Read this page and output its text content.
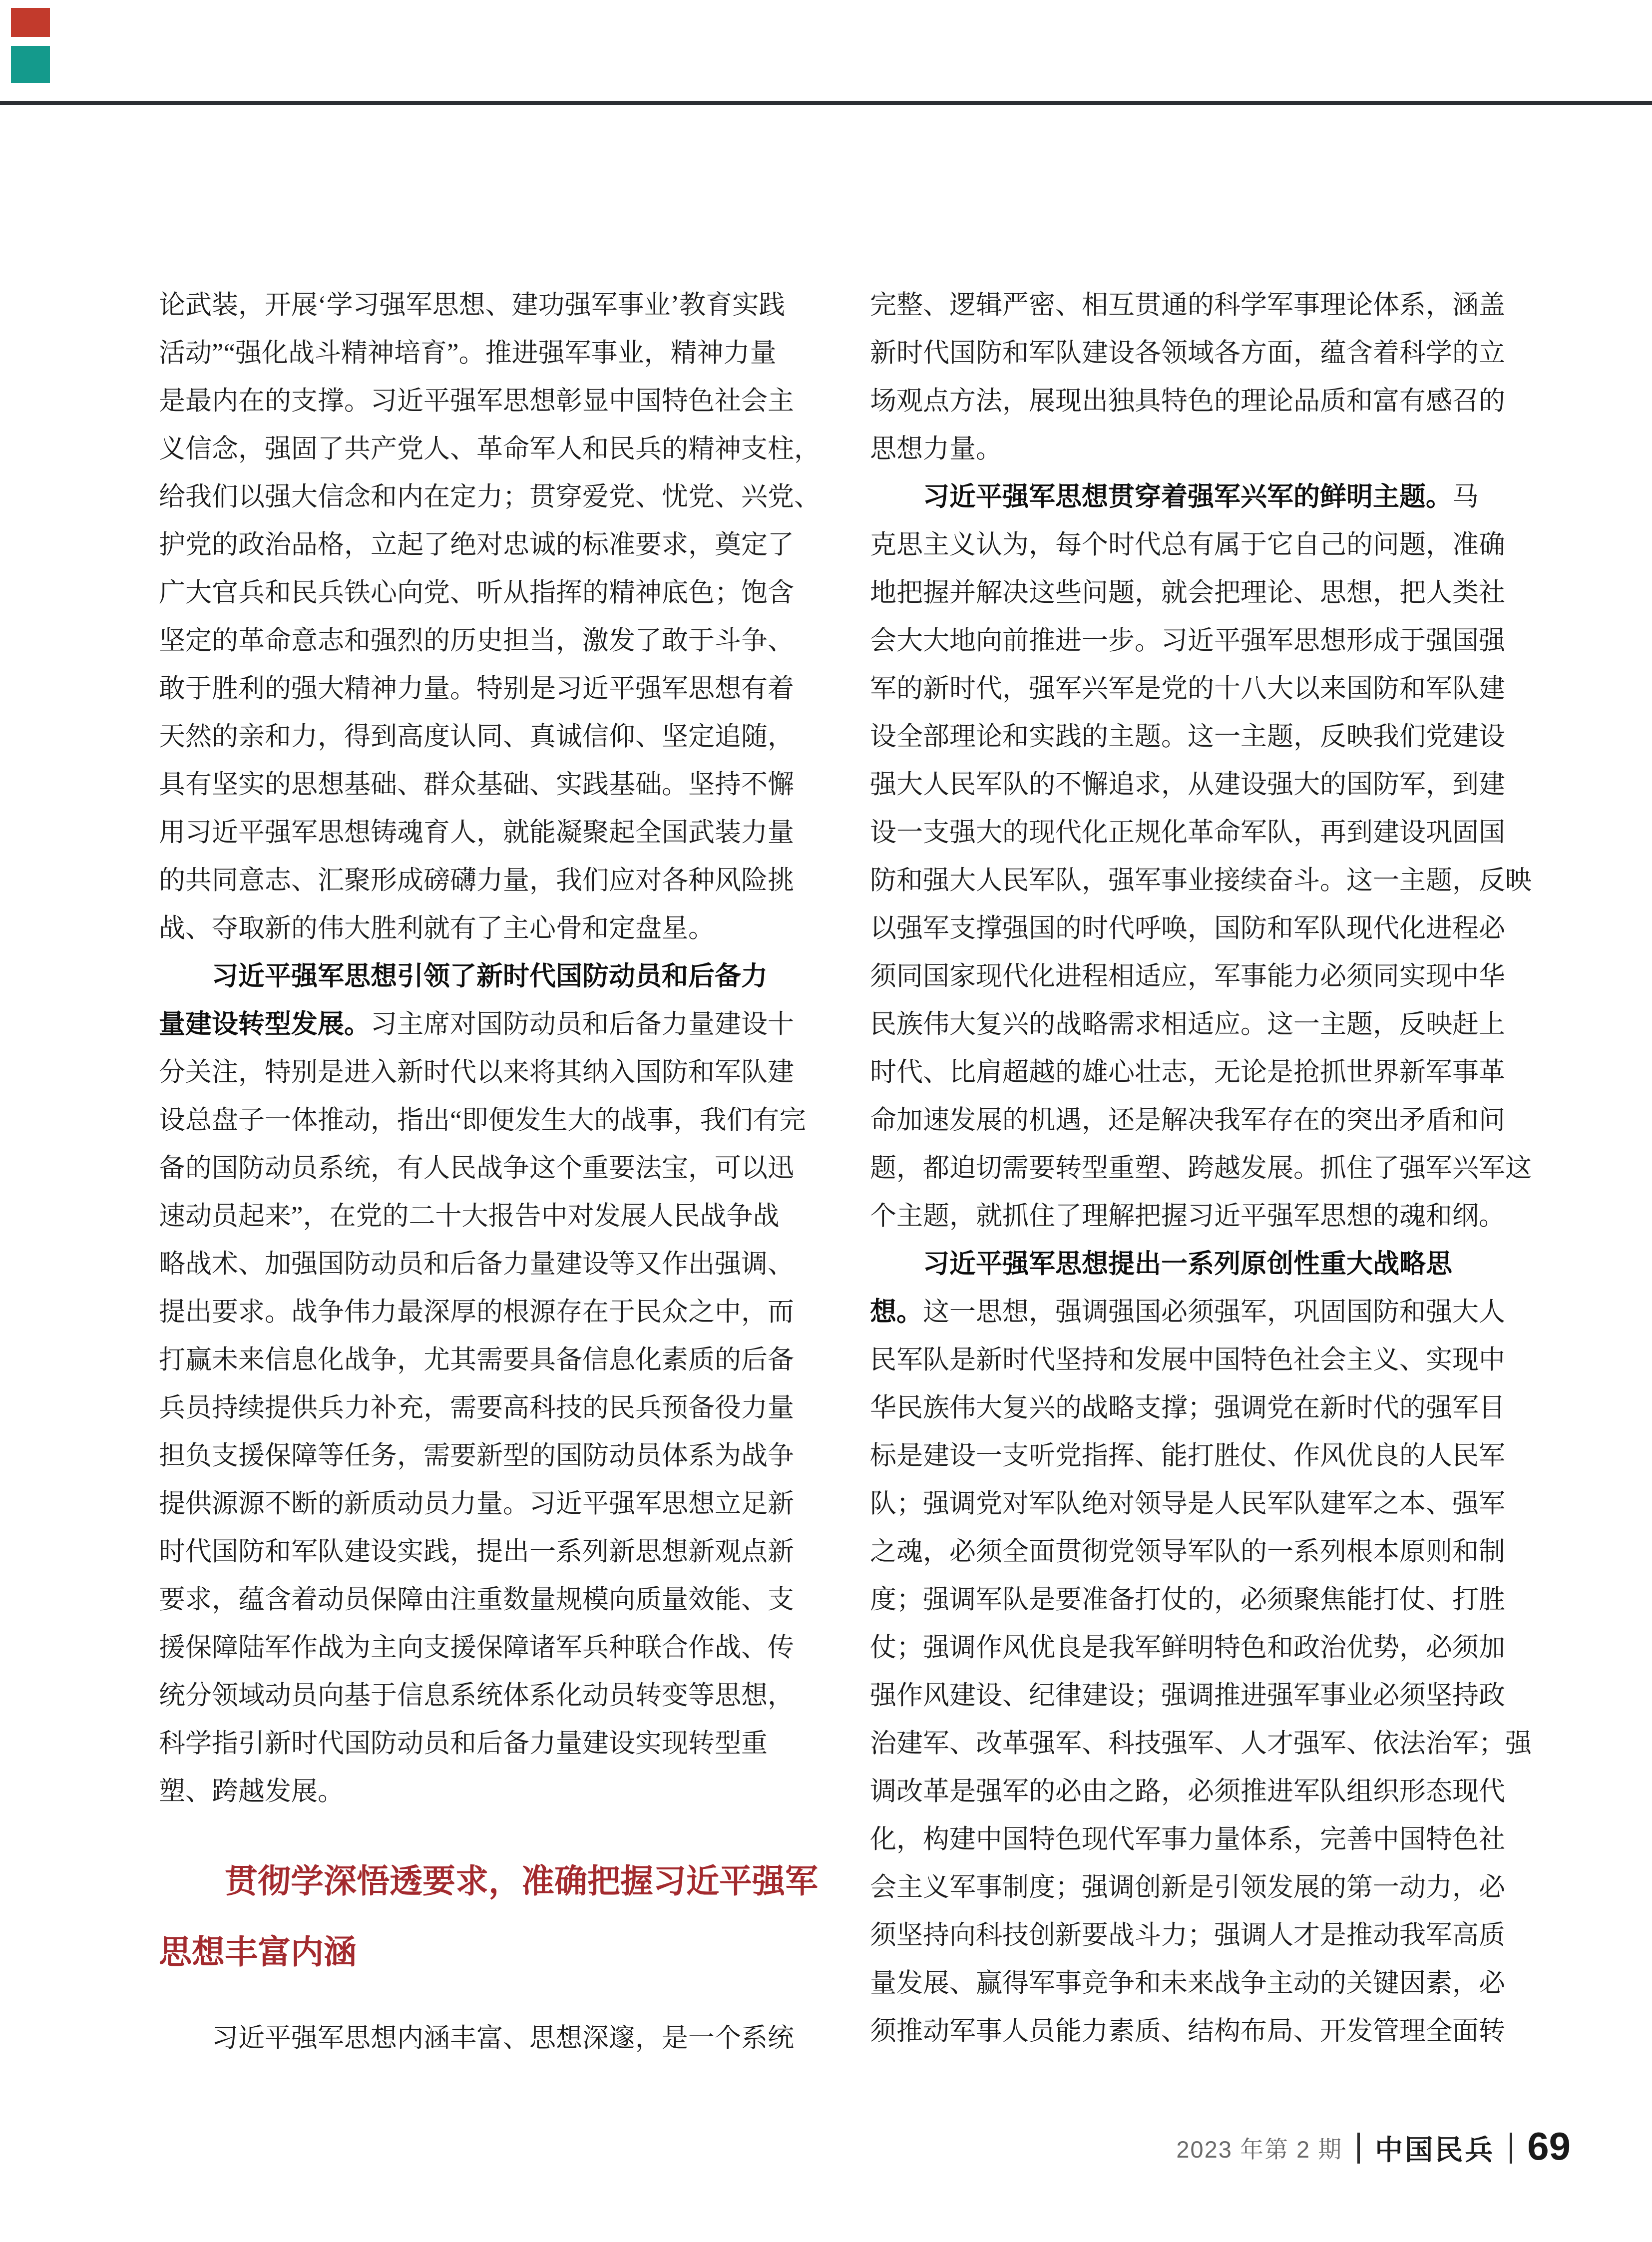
论武装，开展‘学习强军思想、建功强军事业’教育实践
活动”“强化战斗精神培育”。推进强军事业，精神力量
是最内在的支撑。习近平强军思想彰显中国特色社会主
义信念，强固了共产党人、革命军人和民兵的精神支柱，
给我们以强大信念和内在定力；贯穿爱党、忧党、兴党、
护党的政治品格，立起了绝对忠诚的标准要求，奠定了
广大官兵和民兵铁心向党、听从指挥的精神底色；饱含
坚定的革命意志和强烈的历史担当，激发了敢于斗争、
敢于胜利的强大精神力量。特别是习近平强军思想有着
天然的亲和力，得到高度认同、真诚信仰、坚定追随，
具有坚实的思想基础、群众基础、实践基础。坚持不懈
用习近平强军思想铸魂育人，就能凝聚起全国武装力量
的共同意志、汇聚形成磅礴力量，我们应对各种风险挑
战、夺取新的伟大胜利就有了主心骨和定盘星。
习近平强军思想引领了新时代国防动员和后备力
量建设转型发展。习主席对国防动员和后备力量建设十
分关注，特别是进入新时代以来将其纳入国防和军队建
设总盘子一体推动，指出“即便发生大的战事，我们有完
备的国防动员系统，有人民战争这个重要法宝，可以迅
速动员起来”，在党的二十大报告中对发展人民战争战
略战术、加强国防动员和后备力量建设等又作出强调、
提出要求。战争伟力最深厚的根源存在于民众之中，而
打赢未来信息化战争，尤其需要具备信息化素质的后备
兵员持续提供兵力补充，需要高科技的民兵预备役力量
担负支援保障等任务，需要新型的国防动员体系为战争
提供源源不断的新质动员力量。习近平强军思想立足新
时代国防和军队建设实践，提出一系列新思想新观点新
要求，蕴含着动员保障由注重数量规模向质量效能、支
援保障陆军作战为主向支援保障诸军兵种联合作战、传
统分领域动员向基于信息系统体系化动员转变等思想，
科学指引新时代国防动员和后备力量建设实现转型重
塑、跨越发展。
贯彻学深悟透要求，准确把握习近平强军
思想丰富内涵
习近平强军思想内涵丰富、思想深邃，是一个系统
完整、逻辑严密、相互贯通的科学军事理论体系，涵盖
新时代国防和军队建设各领域各方面，蕴含着科学的立
场观点方法，展现出独具特色的理论品质和富有感召的
思想力量。
习近平强军思想贯穿着强军兴军的鲜明主题。马
克思主义认为，每个时代总有属于它自己的问题，准确
地把握并解决这些问题，就会把理论、思想，把人类社
会大大地向前推进一步。习近平强军思想形成于强国强
军的新时代，强军兴军是党的十八大以来国防和军队建
设全部理论和实践的主题。这一主题，反映我们党建设
强大人民军队的不懈追求，从建设强大的国防军，到建
设一支强大的现代化正规化革命军队，再到建设巩固国
防和强大人民军队，强军事业接续奋斗。这一主题，反映
以强军支撑强国的时代呼唤，国防和军队现代化进程必
须同国家现代化进程相适应，军事能力必须同实现中华
民族伟大复兴的战略需求相适应。这一主题，反映赶上
时代、比肩超越的雄心壮志，无论是抢抓世界新军事革
命加速发展的机遇，还是解决我军存在的突出矛盾和问
题，都迫切需要转型重塑、跨越发展。抓住了强军兴军这
个主题，就抓住了理解把握习近平强军思想的魂和纲。
习近平强军思想提出一系列原创性重大战略思
想。这一思想，强调强国必须强军，巩固国防和强大人
民军队是新时代坚持和发展中国特色社会主义、实现中
华民族伟大复兴的战略支撑；强调党在新时代的强军目
标是建设一支听党指挥、能打胜仗、作风优良的人民军
队；强调党对军队绝对领导是人民军队建军之本、强军
之魂，必须全面贯彻党领导军队的一系列根本原则和制
度；强调军队是要准备打仗的，必须聚焦能打仗、打胜
仗；强调作风优良是我军鲜明特色和政治优势，必须加
强作风建设、纪律建设；强调推进强军事业必须坚持政
治建军、改革强军、科技强军、人才强军、依法治军；强
调改革是强军的必由之路，必须推进军队组织形态现代
化，构建中国特色现代军事力量体系，完善中国特色社
会主义军事制度；强调创新是引领发展的第一动力，必
须坚持向科技创新要战斗力；强调人才是推动我军高质
量发展、赢得军事竞争和未来战争主动的关键因素，必
须推动军事人员能力素质、结构布局、开发管理全面转
2023 年第 2 期 中国民兵 69
